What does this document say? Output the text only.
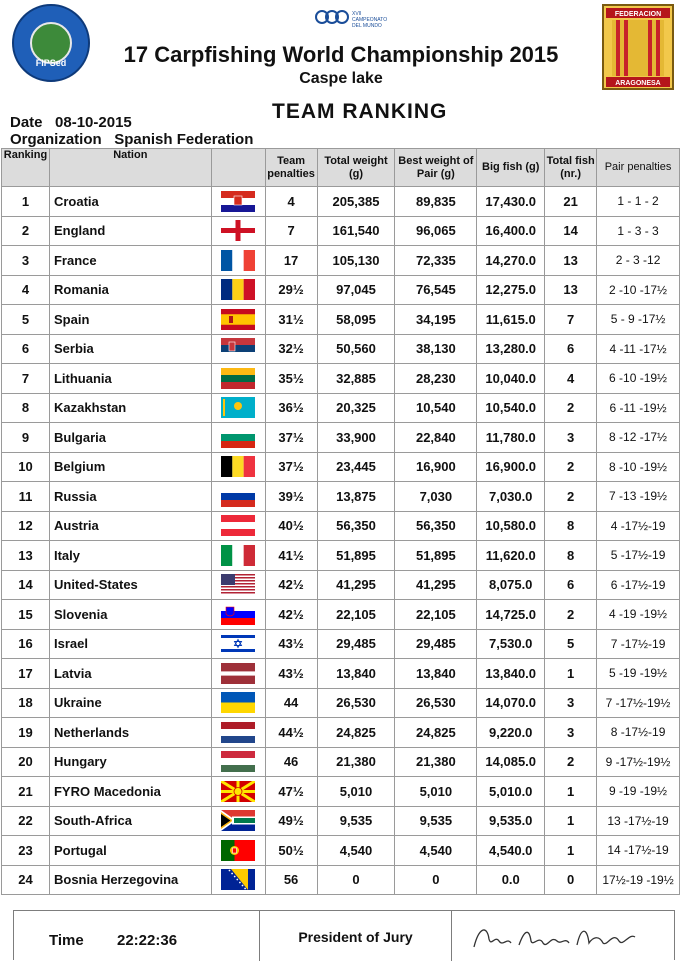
FIPSed
XVII
CAMPEONATO
DEL MUNDO
FEDERACION
ARAGONESA
17 Carpfishing World Championship 2015
Caspe lake
TEAM RANKING
Date 08-10-2015
Organization Spanish Federation
Ranking	Nation		Team penalties	Total weight (g)	Best weight of Pair (g)	Big fish (g)	Total fish (nr.)	Pair penalties
1	Croatia		4	205,385	89,835	17,430.0	21	1 - 1 - 2
2	England		7	161,540	96,065	16,400.0	14	1 - 3 - 3
3	France		17	105,130	72,335	14,270.0	13	2 - 3 -12
4	Romania		29½	97,045	76,545	12,275.0	13	2 -10 -17½
5	Spain		31½	58,095	34,195	11,615.0	7	5 - 9 -17½
6	Serbia		32½	50,560	38,130	13,280.0	6	4 -11 -17½
7	Lithuania		35½	32,885	28,230	10,040.0	4	6 -10 -19½
8	Kazakhstan		36½	20,325	10,540	10,540.0	2	6 -11 -19½
9	Bulgaria		37½	33,900	22,840	11,780.0	3	8 -12 -17½
10	Belgium		37½	23,445	16,900	16,900.0	2	8 -10 -19½
11	Russia		39½	13,875	7,030	7,030.0	2	7 -13 -19½
12	Austria		40½	56,350	56,350	10,580.0	8	4 -17½-19
13	Italy		41½	51,895	51,895	11,620.0	8	5 -17½-19
14	United-States		42½	41,295	41,295	8,075.0	6	6 -17½-19
15	Slovenia		42½	22,105	22,105	14,725.0	2	4 -19 -19½
16	Israel		43½	29,485	29,485	7,530.0	5	7 -17½-19
17	Latvia		43½	13,840	13,840	13,840.0	1	5 -19 -19½
18	Ukraine		44	26,530	26,530	14,070.0	3	7 -17½-19½
19	Netherlands		44½	24,825	24,825	9,220.0	3	8 -17½-19
20	Hungary		46	21,380	21,380	14,085.0	2	9 -17½-19½
21	FYRO Macedonia		47½	5,010	5,010	5,010.0	1	9 -19 -19½
22	South-Africa		49½	9,535	9,535	9,535.0	1	13 -17½-19
23	Portugal		50½	4,540	4,540	4,540.0	1	14 -17½-19
24	Bosnia Herzegovina		56	0	0	0.0	0	17½-19 -19½
Time 22:22:36	President of Jury
